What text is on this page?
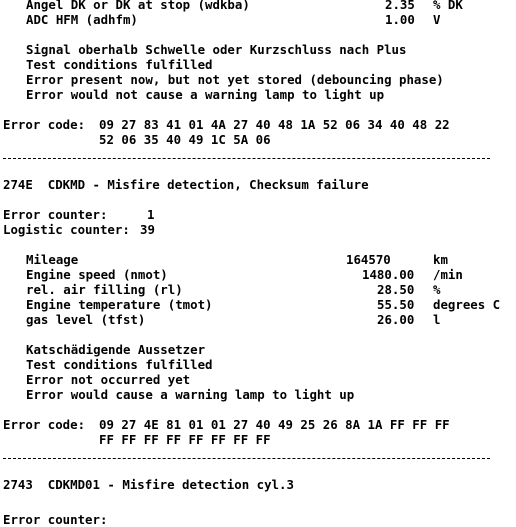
Angel DK or DK at stop (wdkba)	2.35 % DK
ADC HFM (adhfm)	1.00 V
Signal oberhalb Schwelle oder Kurzschluss nach Plus
Test conditions fulfilled
Error present now, but not yet stored (debouncing phase)
Error would not cause a warning lamp to light up
Error code: 09 27 83 41 01 4A 27 40 48 1A 52 06 34 40 48 22
52 06 35 40 49 1C 5A 06
274E  CDKMD - Misfire detection, Checksum failure
Error counter:	1
Logistic counter: 39
Mileage	164570	km
Engine speed (nmot)	1480.00 /min
rel. air filling (rl)	28.50 %
Engine temperature (tmot)	55.50 degrees C
gas level (tfst)	26.00 l
Katschädigende Aussetzer
Test conditions fulfilled
Error not occurred yet
Error would cause a warning lamp to light up
Error code: 09 27 4E 81 01 01 27 40 49 25 26 8A 1A FF FF FF
FF FF FF FF FF FF FF FF
2743  CDKMD01 - Misfire detection cyl.3
Error counter:
